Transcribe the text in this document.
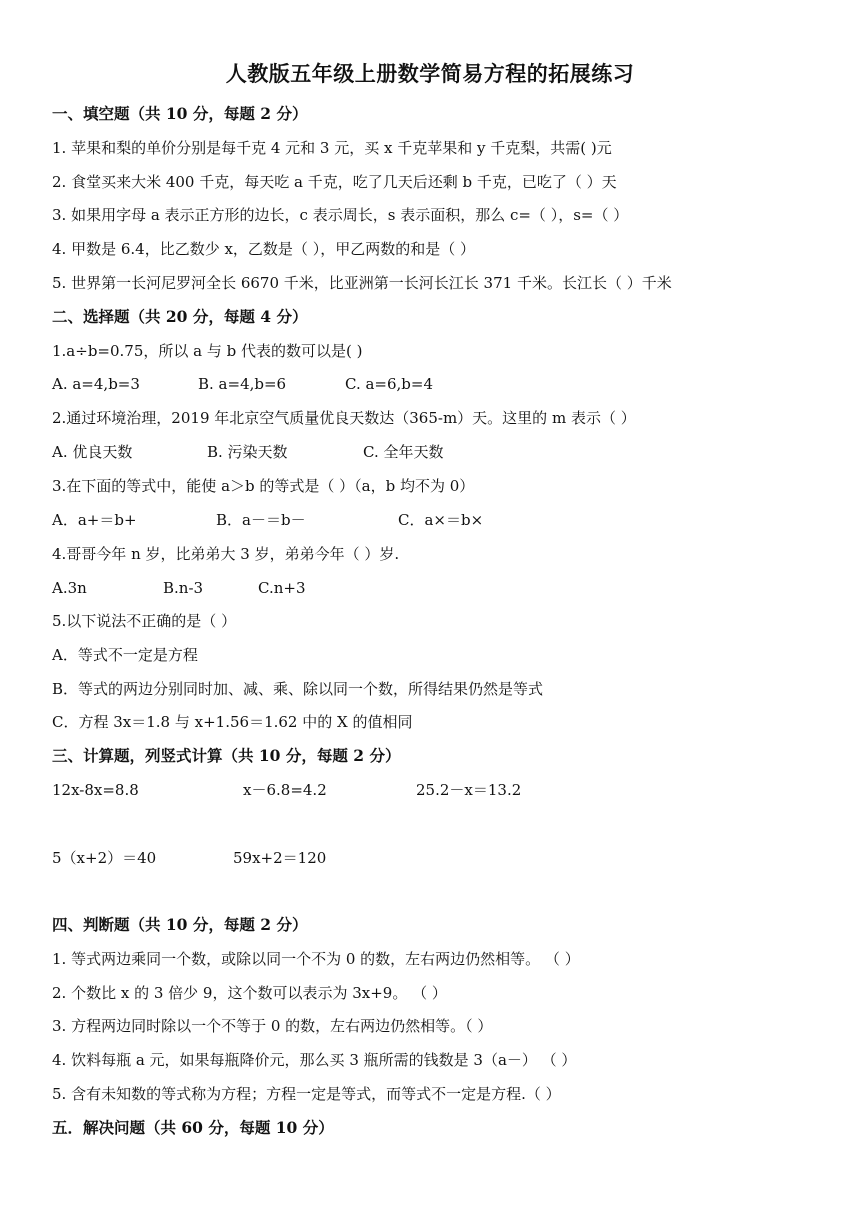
人教版五年级上册数学简易方程的拓展练习
一、填空题（共 10 分，每题 2 分）
1. 苹果和梨的单价分别是每千克 4 元和 3 元，买 x 千克苹果和 y 千克梨，共需( )元
2. 食堂买来大米 400 千克，每天吃 a 千克，吃了几天后还剩 b 千克，已吃了（ ）天
3. 如果用字母 a 表示正方形的边长，c 表示周长，s 表示面积，那么 c=（ ），s=（ ）
4. 甲数是 6.4，比乙数少 x，乙数是（ ），甲乙两数的和是（ ）
5. 世界第一长河尼罗河全长 6670 千米，比亚洲第一长河长江长 371 千米。长江长（ ）千米
二、选择题（共 20 分，每题 4 分）
1.a÷b=0.75，所以 a 与 b 代表的数可以是( )
A. a=4,b=3	B. a=4,b=6	C. a=6,b=4
2.通过环境治理，2019 年北京空气质量优良天数达（365-m）天。这里的 m 表示（ ）
A. 优良天数	B. 污染天数	C. 全年天数
3.在下面的等式中，能使 a＞b 的等式是（ ）（a，b 均不为 0）
A．a+＝b+	B．a－＝b－	C．a×＝b×
4.哥哥今年 n 岁，比弟弟大 3 岁，弟弟今年（ ）岁.
A.3n	B.n-3	C.n+3
5.以下说法不正确的是（ ）
A．等式不一定是方程
B．等式的两边分别同时加、减、乘、除以同一个数，所得结果仍然是等式
C．方程 3x＝1.8 与 x+1.56＝1.62 中的 X 的值相同
三、计算题，列竖式计算（共 10 分，每题 2 分）
12x-8x=8.8	x－6.8=4.2	25.2－x＝13.2
5（x+2）＝40	59x+2＝120
四、判断题（共 10 分，每题 2 分）
1. 等式两边乘同一个数，或除以同一个不为 0 的数，左右两边仍然相等。 （ ）
2. 个数比 x 的 3 倍少 9，这个数可以表示为 3x+9。 （ ）
3. 方程两边同时除以一个不等于 0 的数，左右两边仍然相等。（ ）
4. 饮料每瓶 a 元，如果每瓶降价元，那么买 3 瓶所需的钱数是 3（a－） （ ）
5. 含有未知数的等式称为方程；方程一定是等式，而等式不一定是方程.（ ）
五．解决问题（共 60 分，每题 10 分）
